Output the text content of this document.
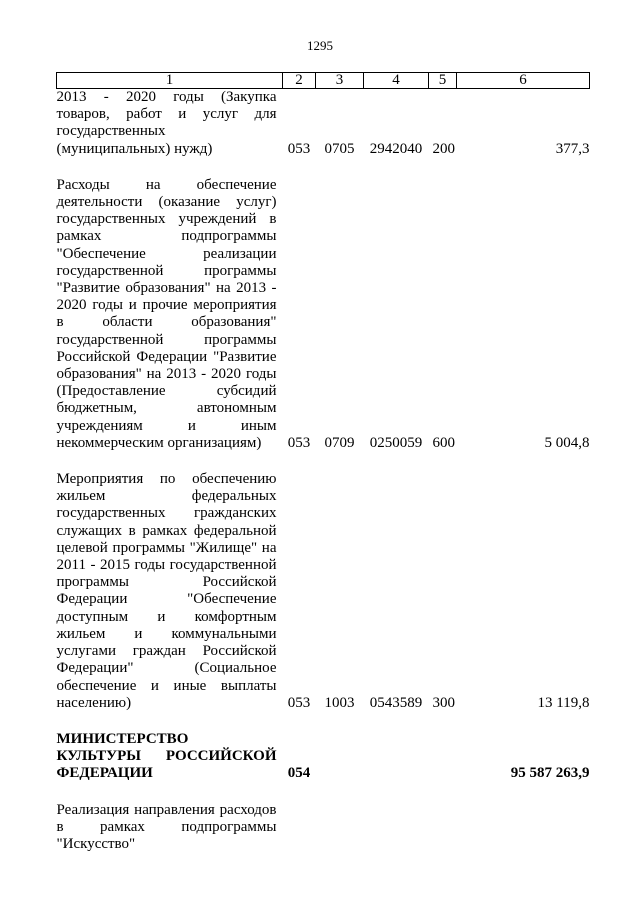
1295
1	2	3	4	5	6
2013 - 2020 годы (Закупка товаров, работ и услуг для государственных (муниципальных) нужд)	053	0705	2942040	200	377,3

Расходы на обеспечение деятельности (оказание услуг) государственных учреждений в рамках подпрограммы "Обеспечение реализации государственной программы "Развитие образования" на 2013 - 2020 годы и прочие мероприятия в области образования" государственной программы Российской Федерации "Развитие образования" на 2013 - 2020 годы (Предоставление субсидий бюджетным, автономным учреждениям и иным некоммерческим организациям)	053	0709	0250059	600	5 004,8

Мероприятия по обеспечению жильем федеральных государственных гражданских служащих в рамках федеральной целевой программы "Жилище" на 2011 - 2015 годы государственной программы Российской Федерации "Обеспечение доступным и комфортным жильем и коммунальными услугами граждан Российской Федерации" (Социальное обеспечение и иные выплаты населению)	053	1003	0543589	300	13 119,8

МИНИСТЕРСТВО КУЛЬТУРЫ РОССИЙСКОЙ ФЕДЕРАЦИИ	054				95 587 263,9

Реализация направления расходов в рамках подпрограммы "Искусство"					
